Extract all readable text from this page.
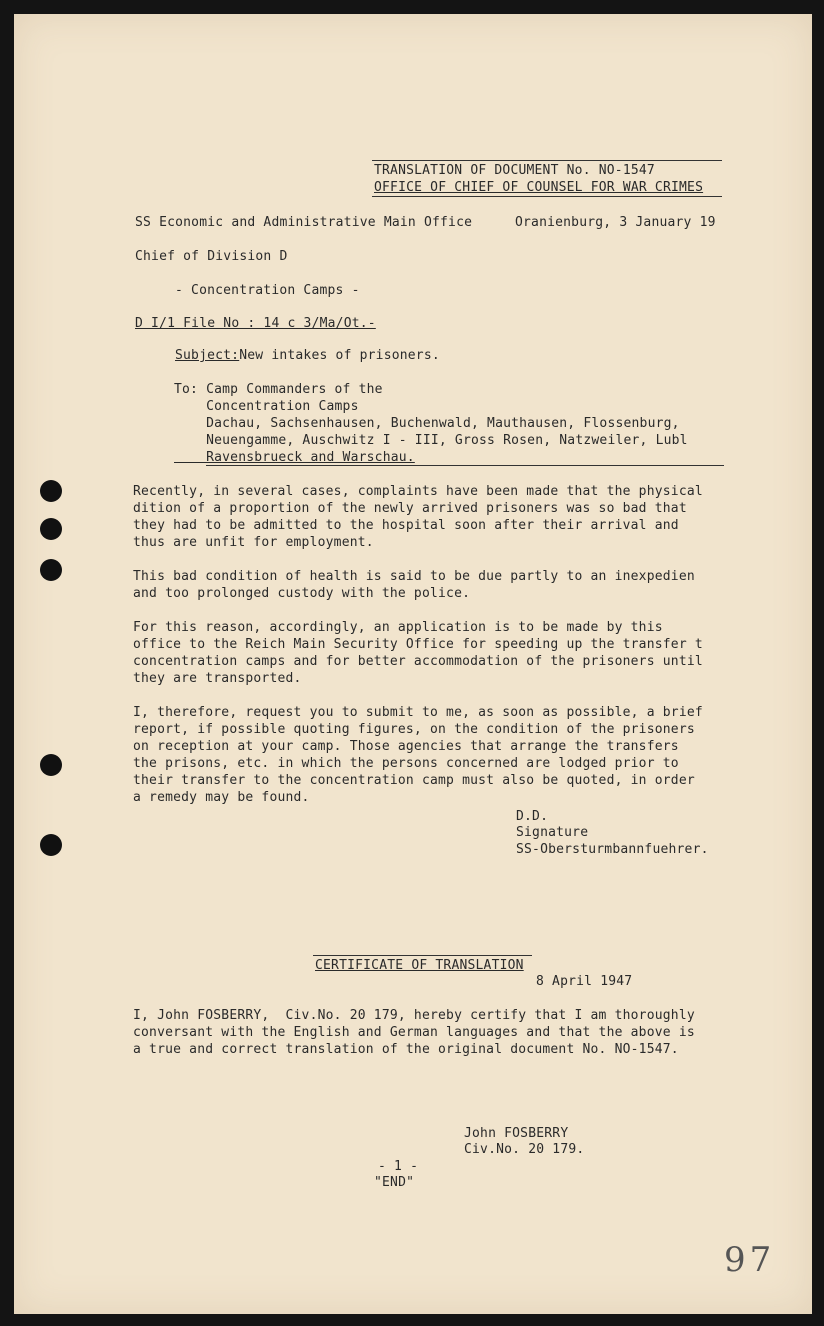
TRANSLATION OF DOCUMENT No. NO-1547
OFFICE OF CHIEF OF COUNSEL FOR WAR CRIMES
SS Economic and Administrative Main Office	Oranienburg, 3 January 19
Chief of Division D
- Concentration Camps -
D I/1 File No : 14 c 3/Ma/Ot.-
Subject:New intakes of prisoners.
To: Camp Commanders of the
Concentration Camps
Dachau, Sachsenhausen, Buchenwald, Mauthausen, Flossenburg,
Neuengamme, Auschwitz I - III, Gross Rosen, Natzweiler, Lubl
Ravensbrueck and Warschau.
Recently, in several cases, complaints have been made that the physical
dition of a proportion of the newly arrived prisoners was so bad that
they had to be admitted to the hospital soon after their arrival and
thus are unfit for employment.
This bad condition of health is said to be due partly to an inexpedien
and too prolonged custody with the police.
For this reason, accordingly, an application is to be made by this
office to the Reich Main Security Office for speeding up the transfer t
concentration camps and for better accommodation of the prisoners until
they are transported.
I, therefore, request you to submit to me, as soon as possible, a brief
report, if possible quoting figures, on the condition of the prisoners
on reception at your camp. Those agencies that arrange the transfers
the prisons, etc. in which the persons concerned are lodged prior to
their transfer to the concentration camp must also be quoted, in order
a remedy may be found.
D.D.
Signature
SS-Obersturmbannfuehrer.
CERTIFICATE OF TRANSLATION
8 April 1947
I, John FOSBERRY,  Civ.No. 20 179, hereby certify that I am thoroughly
conversant with the English and German languages and that the above is
a true and correct translation of the original document No. NO-1547.
John FOSBERRY
Civ.No. 20 179.
- 1 -
"END"
97
